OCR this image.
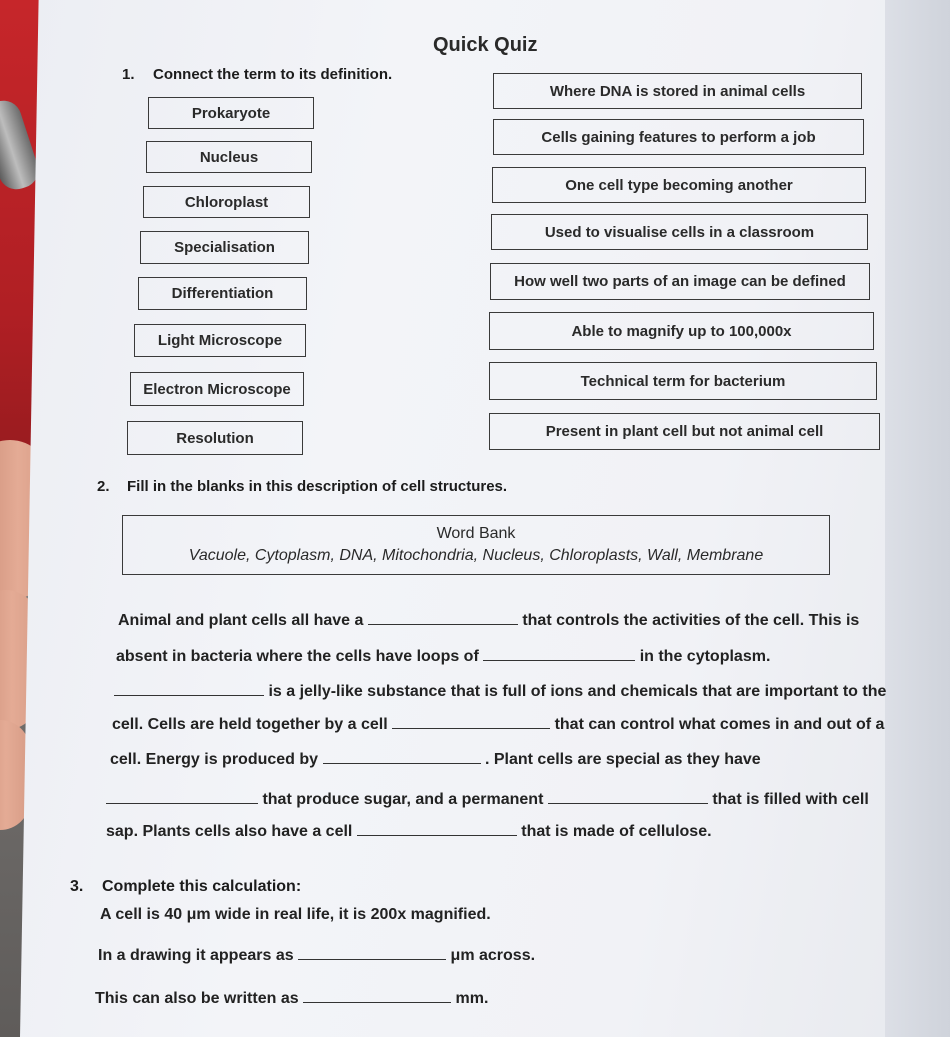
Quick Quiz
1. Connect the term to its definition.
Prokaryote
Nucleus
Chloroplast
Specialisation
Differentiation
Light Microscope
Electron Microscope
Resolution
Where DNA is stored in animal cells
Cells gaining features to perform a job
One cell type becoming another
Used to visualise cells in a classroom
How well two parts of an image can be defined
Able to magnify up to 100,000x
Technical term for bacterium
Present in plant cell but not animal cell
2. Fill in the blanks in this description of cell structures.
Word Bank
Vacuole, Cytoplasm, DNA, Mitochondria, Nucleus, Chloroplasts, Wall, Membrane
Animal and plant cells all have a	that controls the activities of the cell. This is
absent in bacteria where the cells have loops of	in the cytoplasm.
is a jelly-like substance that is full of ions and chemicals that are important to the
cell. Cells are held together by a cell	that can control what comes in and out of a
cell. Energy is produced by	. Plant cells are special as they have
that produce sugar, and a permanent	that is filled with cell
sap. Plants cells also have a cell	that is made of cellulose.
3. Complete this calculation:
A cell is 40 μm wide in real life, it is 200x magnified.
In a drawing it appears as	μm across.
This can also be written as	mm.
